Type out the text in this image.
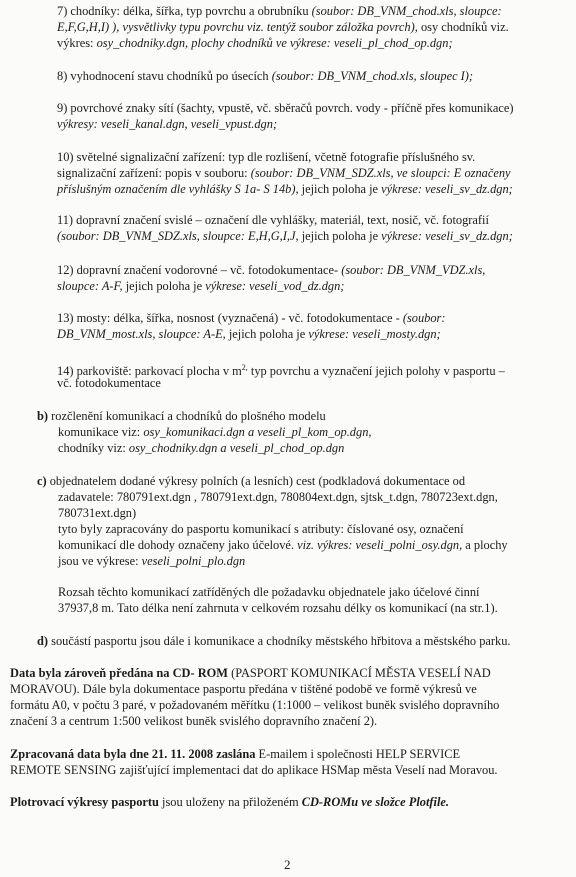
7) chodníky: délka, šířka, typ povrchu a obrubníku (soubor: DB_VNM_chod.xls, sloupce:
E,F,G,H,I) ), vysvětlivky typu povrchu viz. tentýž soubor záložka povrch), osy chodníků viz.
výkres: osy_chodniky.dgn, plochy chodníků ve výkrese: veseli_pl_chod_op.dgn;
8) vyhodnocení stavu chodníků po úsecích (soubor: DB_VNM_chod.xls, sloupec I);
9) povrchové znaky sítí (šachty, vpustě, vč. sběračů povrch. vody - příčně přes komunikace)
výkresy: veseli_kanal.dgn, veseli_vpust.dgn;
10) světelné signalizační zařízení: typ dle rozlišení, včetně fotografie příslušného sv.
signalizační zařízení: popis v souboru: (soubor: DB_VNM_SDZ.xls, ve sloupci: E označeny
příslušným označením dle vyhlášky S 1a- S 14b), jejich poloha je výkrese: veseli_sv_dz.dgn;
11) dopravní značení svislé – označení dle vyhlášky, materiál, text, nosič, vč. fotografií
(soubor: DB_VNM_SDZ.xls, sloupce: E,H,G,I,J, jejich poloha je výkrese: veseli_sv_dz.dgn;
12) dopravní značení vodorovné – vč. fotodokumentace- (soubor: DB_VNM_VDZ.xls,
sloupce: A-F, jejich poloha je výkrese: veseli_vod_dz.dgn;
13) mosty: délka, šířka, nosnost (vyznačená) - vč. fotodokumentace - (soubor:
DB_VNM_most.xls, sloupce: A-E, jejich poloha je výkrese: veseli_mosty.dgn;
14) parkoviště: parkovací plocha v $m^{2,}$ typ povrchu a vyznačení jejich polohy v pasportu –
vč. fotodokumentace
b) rozčlenění komunikací a chodníků do plošného modelu
komunikace viz: osy_komunikaci.dgn a veseli_pl_kom_op.dgn,
chodníky viz: osy_chodniky.dgn a veseli_pl_chod_op.dgn
c) objednatelem dodané výkresy polních (a lesních) cest (podkladová dokumentace od
zadavatele: 780791ext.dgn , 780791ext.dgn, 780804ext.dgn, sjtsk_t.dgn, 780723ext.dgn,
780731ext.dgn)
tyto byly zapracovány do pasportu komunikací s atributy: číslované osy, označení
komunikací dle dohody označeny jako účelové. viz. výkres: veseli_polni_osy.dgn, a plochy
jsou ve výkrese: veseli_polni_plo.dgn
Rozsah těchto komunikací zatříděných dle požadavku objednatele jako účelové činní
37937,8 m. Tato délka není zahrnuta v celkovém rozsahu délky os komunikací (na str.1).
d) součástí pasportu jsou dále i komunikace a chodníky městského hřbitova a městského parku.
Data byla zároveň předána na CD- ROM (PASPORT KOMUNIKACÍ MĚSTA VESELÍ NAD
MORAVOU). Dále byla dokumentace pasportu předána v tištěné podobě ve formě výkresů ve
formátu A0, v počtu 3 paré, v požadovaném měřítku (1:1000 – velikost buněk svislého dopravního
značení 3 a centrum 1:500 velikost buněk svislého dopravního značení 2).
Zpracovaná data byla dne 21. 11. 2008 zaslána E-mailem i společnosti HELP SERVICE
REMOTE SENSING zajišťující implementaci dat do aplikace HSMap města Veselí nad Moravou.
Plotrovací výkresy pasportu jsou uloženy na přiloženém CD-ROMu ve složce Plotfile.
2
